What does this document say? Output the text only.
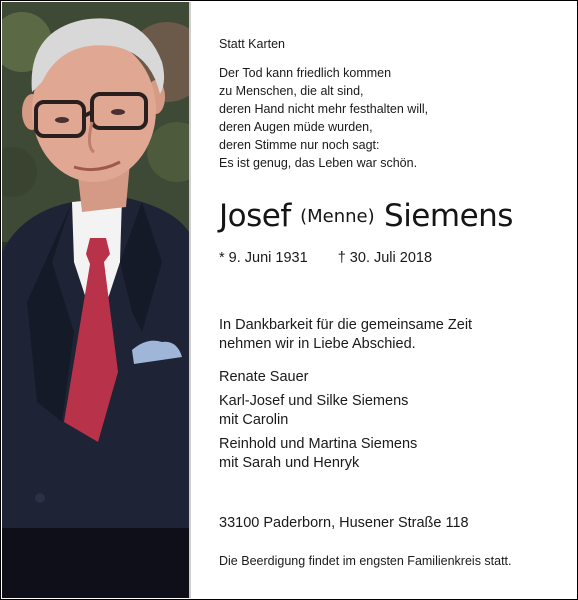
Statt Karten
Der Tod kann friedlich kommen
zu Menschen, die alt sind,
deren Hand nicht mehr festhalten will,
deren Augen müde wurden,
deren Stimme nur noch sagt:
Es ist genug, das Leben war schön.
Josef (Menne) Siemens
* 9. Juni 1931 † 30. Juli 2018
In Dankbarkeit für die gemeinsame Zeit
nehmen wir in Liebe Abschied.
Renate Sauer
Karl-Josef und Silke Siemens
mit Carolin
Reinhold und Martina Siemens
mit Sarah und Henryk
33100 Paderborn, Husener Straße 118
Die Beerdigung findet im engsten Familienkreis statt.
